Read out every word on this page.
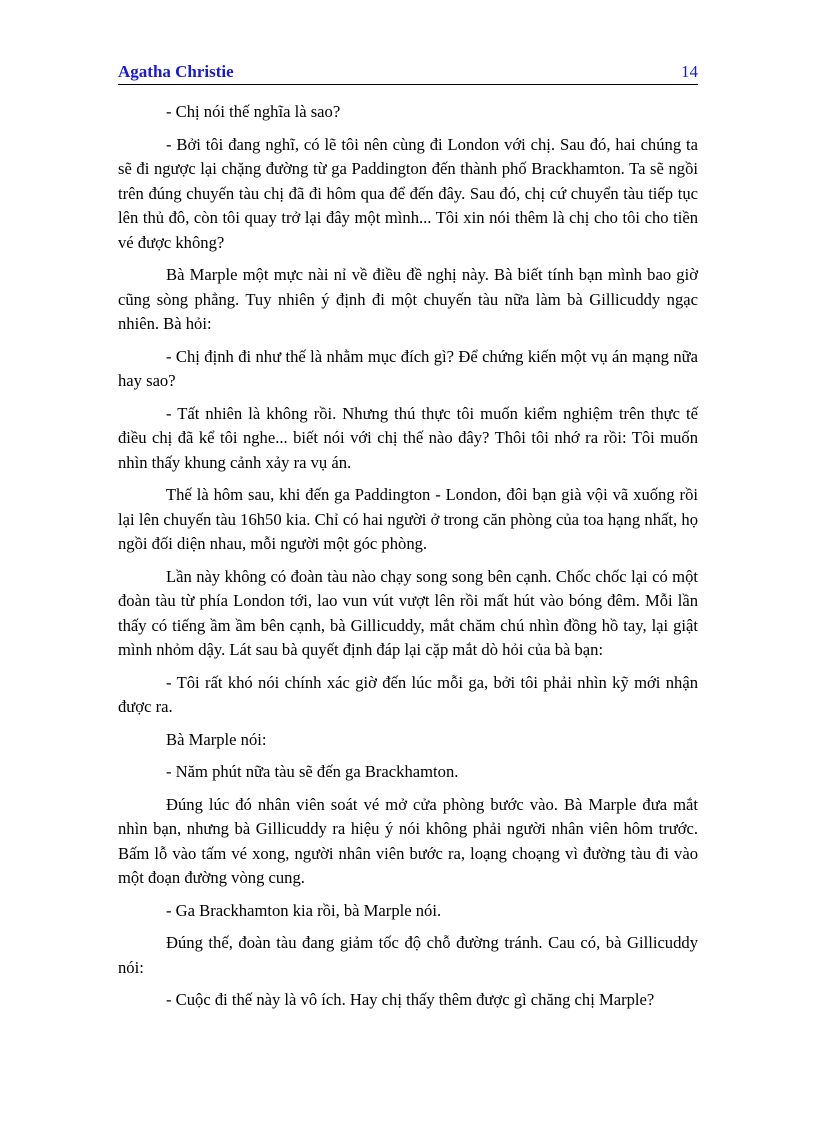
Agatha Christie	14

- Chị nói thế nghĩa là sao?

- Bởi tôi đang nghĩ, có lẽ tôi nên cùng đi London với chị. Sau đó, hai chúng ta sẽ đi ngược lại chặng đường từ ga Paddington đến thành phố Brackhamton. Ta sẽ ngồi trên đúng chuyến tàu chị đã đi hôm qua để đến đây. Sau đó, chị cứ chuyển tàu tiếp tục lên thủ đô, còn tôi quay trở lại đây một mình... Tôi xin nói thêm là chị cho tôi cho tiền vé được không?

Bà Marple một mực nài nỉ về điều đề nghị này. Bà biết tính bạn mình bao giờ cũng sòng phẳng. Tuy nhiên ý định đi một chuyến tàu nữa làm bà Gillicuddy ngạc nhiên. Bà hỏi:

- Chị định đi như thế là nhằm mục đích gì? Để chứng kiến một vụ án mạng nữa hay sao?

- Tất nhiên là không rồi. Nhưng thú thực tôi muốn kiểm nghiệm trên thực tế điều chị đã kể tôi nghe... biết nói với chị thế nào đây? Thôi tôi nhớ ra rồi: Tôi muốn nhìn thấy khung cảnh xảy ra vụ án.

Thế là hôm sau, khi đến ga Paddington - London, đôi bạn già vội vã xuống rồi lại lên chuyến tàu 16h50 kia. Chỉ có hai người ở trong căn phòng của toa hạng nhất, họ ngồi đối diện nhau, mỗi người một góc phòng.

Lần này không có đoàn tàu nào chạy song song bên cạnh. Chốc chốc lại có một đoàn tàu từ phía London tới, lao vun vút vượt lên rồi mất hút vào bóng đêm. Mỗi lần thấy có tiếng ầm ầm bên cạnh, bà Gillicuddy, mắt chăm chú nhìn đồng hồ tay, lại giật mình nhỏm dậy. Lát sau bà quyết định đáp lại cặp mắt dò hỏi của bà bạn:

- Tôi rất khó nói chính xác giờ đến lúc mỗi ga, bởi tôi phải nhìn kỹ mới nhận được ra.

Bà Marple nói:

- Năm phút nữa tàu sẽ đến ga Brackhamton.

Đúng lúc đó nhân viên soát vé mở cửa phòng bước vào. Bà Marple đưa mắt nhìn bạn, nhưng bà Gillicuddy ra hiệu ý nói không phải người nhân viên hôm trước. Bấm lỗ vào tấm vé xong, người nhân viên bước ra, loạng choạng vì đường tàu đi vào một đoạn đường vòng cung.

- Ga Brackhamton kia rồi, bà Marple nói.

Đúng thế, đoàn tàu đang giảm tốc độ chỗ đường tránh. Cau có, bà Gillicuddy nói:

- Cuộc đi thế này là vô ích. Hay chị thấy thêm được gì chăng chị Marple?
